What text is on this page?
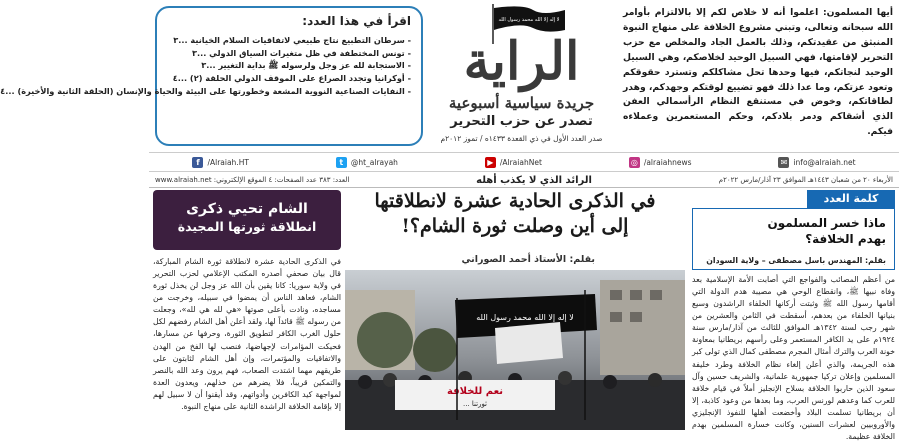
أيها المسلمون: اعلموا أنه لا خلاص لكم إلا بالالتزام بأوامر الله سبحانه وتعالى، وتبني مشروع الخلافة على منهاج النبوة المنبثق من عقيدتكم، وذلك بالعمل الجاد والمخلص مع حزب التحرير لإقامتها، فهي السبيل الوحيد لخلاصكم، وهي السبيل الوحيد لنجاتكم، فيها وحدها تحل مشاكلكم وتسترد حقوقكم وتعود عزتكم، وما عدا ذلك فهو تضييع لوقتكم وجهدكم، وهدر لطاقاتكم، وخوض في مستنقع النظام الرأسمالي العفن الذي أشقاكم ودمر بلادكم، وحكم المستعمرين وعملاءه فيكم.
لا إله إلا الله محمد رسول الله
الراية
جريدة سياسية أسبوعية
تصدر عن حزب التحرير
صدر العدد الأول في ذي القعدة ١٤٣٣ه / تموز ٢٠١٢م
اقرأ في هذا العدد:
- سرطان التطبيع نتاج طبيعي لاتفاقيات السلام الخيانية ...٣
- تونس المختطفة في ظل متغيرات السياق الدولي ...٣
- الاستجابة لله عز وجل ولرسوله ﷺ بداية التغيير ...٣
- أوكرانيا وتجدد الصراع على الموقف الدولي الحلقة (٢) ...٤
- النفايات الصناعية النووية المشعة وخطورتها على البيئة والحياة والإنسان (الحلقة الثانية والأخيرة) ...٤
f	/Alraiah.HT	t	@ht_alrayah	▶ /AlraiahNet	◎ /alraiahnews	✉ info@alraiah.net
الأربعاء ٢٠ من شعبان ١٤٤٣هـ الموافق ٢٣ آذار/مارس ٢٠٢٢م
الرائد الذي لا يكذب أهله
العدد: ٣٨٣ عدد الصفحات: ٤ الموقع الإلكتروني: www.alraiah.net
كلمة العدد
ماذا خسر المسلمون
بهدم الخلافة؟
بقلم: المهندس باسل مصطفى – ولاية السودان
من أعظم المصائب والفواجع التي أصابت الأمة الإسلامية بعد وفاة نبيها ﷺ، وانقطاع الوحي هي مصيبة هدم الدولة التي أقامها رسول الله ﷺ وثبتت أركانها الخلفاء الراشدون وسيع بنيانها الخلفاء من بعدهم، أسقطت في الثامن والعشرين من شهر رجب لسنة ١٣٤٢هـ الموافق للثالث من آذار/مارس سنة ١٩٢٤م على يد الكافر المستعمر وعلى رأسهم بريطانيا بمعاونة خونة العرب والترك أمثال المجرم مصطفى كمال الذي تولى كبر هذه الجريمة، والذي أعلن إلغاء نظام الخلافة وطرد خليفة المسلمين وإعلان تركيا جمهورية علمانية، والشريف حسين وآل سعود الذين حاربوا الخلافة بسلاح الإنجليز أملاً في قيام خلافة للعرب كما وعدهم لورنس العرب، وما بعدها من وعود كاذبة، إلا أن بريطانيا تسلمت البلاد وأخضعت أهلها للنفوذ الإنجليزي والأوروبيين لعشرات السنين، وكانت خسارة المسلمين بهدم الخلافة عظيمة.
في الذكرى الحادية عشرة لانطلاقتها
إلى أين وصلت ثورة الشام؟!
بقلم: الأستاذ أحمد الصوراني
لا إله إلا الله محمد رسول الله
نعم للخلافة
ثورتنا ...
الشام تحيي ذكرى
انطلاقة ثورتها المجيدة
في الذكرى الحادية عشرة لانطلاقة ثورة الشام المباركة، قال بيان صحفي أصدره المكتب الإعلامي لحزب التحرير في ولاية سوريا: كانا يقين بأن الله عز وجل لن يخذل ثورة الشام، فعاهد الناس أن يمضوا في سبيله، وخرجت من مساجده، ونادت بأعلى صوتها «هي لله هي لله»، وجعلت من رسوله ﷺ قائداً لها، ولقد أعلن أهل الشام رفضهم لكل حلول الغرب الكافر لتطويق الثورة، وحرفها عن مسارها، فحيكت المؤامرات لإجهاضها، فنصب لها الفخ من الهدن والاتفاقيات والمؤتمرات، وإن أهل الشام لثابتون على طريقهم مهما اشتدت الصعاب، فهم يرون وعد الله بالنصر والتمكين قريباً، فلا يضرهم من خذلهم، ويعدون العدة لمواجهة كيد الكافرين وأدواتهم، وقد أيقنوا أن لا سبيل لهم إلا بإقامة الخلافة الراشدة الثانية على منهاج النبوة.
